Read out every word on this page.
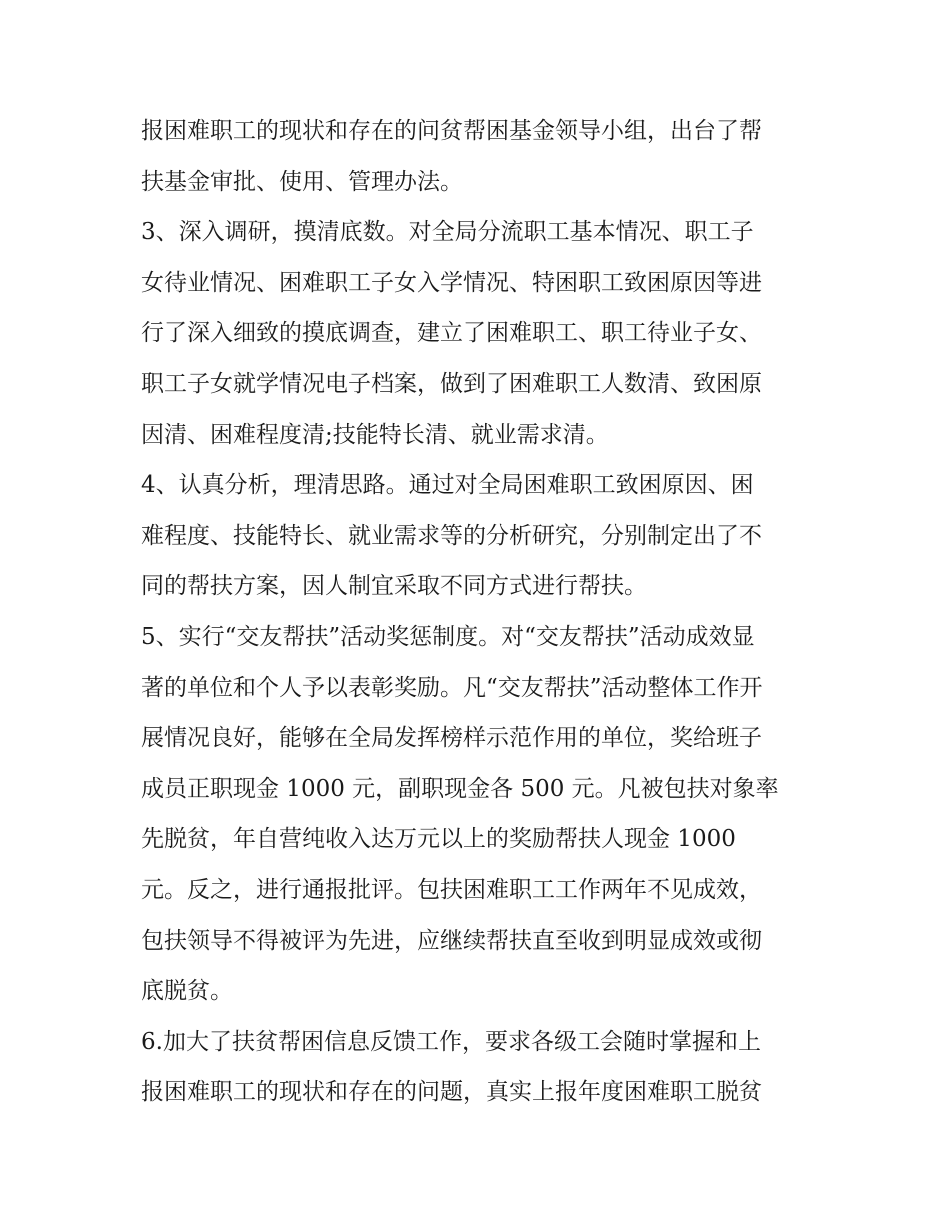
报困难职工的现状和存在的问贫帮困基金领导小组，出台了帮
扶基金审批、使用、管理办法。
3、深入调研，摸清底数。对全局分流职工基本情况、职工子
女待业情况、困难职工子女入学情况、特困职工致困原因等进
行了深入细致的摸底调查，建立了困难职工、职工待业子女、
职工子女就学情况电子档案，做到了困难职工人数清、致困原
因清、困难程度清;技能特长清、就业需求清。
4、认真分析，理清思路。通过对全局困难职工致困原因、困
难程度、技能特长、就业需求等的分析研究，分别制定出了不
同的帮扶方案，因人制宜采取不同方式进行帮扶。
5、实行“交友帮扶”活动奖惩制度。对“交友帮扶”活动成效显
著的单位和个人予以表彰奖励。凡“交友帮扶”活动整体工作开
展情况良好，能够在全局发挥榜样示范作用的单位，奖给班子
成员正职现金 1000 元，副职现金各 500 元。凡被包扶对象率
先脱贫，年自营纯收入达万元以上的奖励帮扶人现金 1000
元。反之，进行通报批评。包扶困难职工工作两年不见成效，
包扶领导不得被评为先进，应继续帮扶直至收到明显成效或彻
底脱贫。
6.加大了扶贫帮困信息反馈工作，要求各级工会随时掌握和上
报困难职工的现状和存在的问题，真实上报年度困难职工脱贫
